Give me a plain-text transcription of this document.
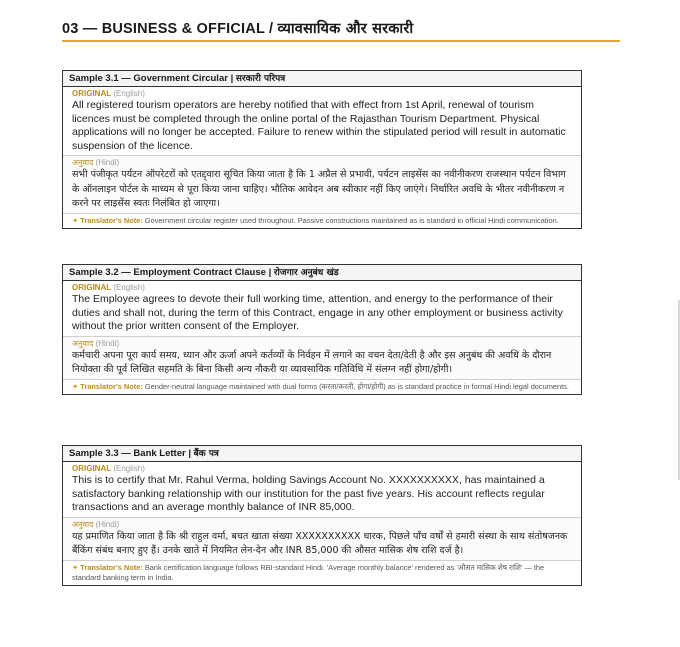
03 — BUSINESS & OFFICIAL / व्यावसायिक और सरकारी
Sample 3.1 — Government Circular | सरकारी परिपत्र
ORIGINAL (English)
All registered tourism operators are hereby notified that with effect from 1st April, renewal of tourism licences must be completed through the online portal of the Rajasthan Tourism Department. Physical applications will no longer be accepted. Failure to renew within the stipulated period will result in automatic suspension of the licence.
अनुवाद (Hindi)
सभी पंजीकृत पर्यटन ऑपरेटरों को एतद्द्वारा सूचित किया जाता है कि 1 अप्रैल से प्रभावी, पर्यटन लाइसेंस का नवीनीकरण राजस्थान पर्यटन विभाग के ऑनलाइन पोर्टल के माध्यम से पूरा किया जाना चाहिए। भौतिक आवेदन अब स्वीकार नहीं किए जाएंगे। निर्धारित अवधि के भीतर नवीनीकरण न करने पर लाइसेंस स्वतः निलंबित हो जाएगा।
✦ Translator's Note: Government circular register used throughout. Passive constructions maintained as is standard in official Hindi communication.
Sample 3.2 — Employment Contract Clause | रोजगार अनुबंध खंड
ORIGINAL (English)
The Employee agrees to devote their full working time, attention, and energy to the performance of their duties and shall not, during the term of this Contract, engage in any other employment or business activity without the prior written consent of the Employer.
अनुवाद (Hindi)
कर्मचारी अपना पूरा कार्य समय, ध्यान और ऊर्जा अपने कर्तव्यों के निर्वहन में लगाने का वचन देता/देती है और इस अनुबंध की अवधि के दौरान नियोक्ता की पूर्व लिखित सहमति के बिना किसी अन्य नौकरी या व्यावसायिक गतिविधि में संलग्न नहीं होगा/होगी।
✦ Translator's Note: Gender-neutral language maintained with dual forms (करता/करती, होगा/होगी) as is standard practice in formal Hindi legal documents.
Sample 3.3 — Bank Letter | बैंक पत्र
ORIGINAL (English)
This is to certify that Mr. Rahul Verma, holding Savings Account No. XXXXXXXXXX, has maintained a satisfactory banking relationship with our institution for the past five years. His account reflects regular transactions and an average monthly balance of INR 85,000.
अनुवाद (Hindi)
यह प्रमाणित किया जाता है कि श्री राहुल वर्मा, बचत खाता संख्या XXXXXXXXXX धारक, पिछले पाँच वर्षों से हमारी संस्था के साथ संतोषजनक बैंकिंग संबंध बनाए हुए हैं। उनके खाते में नियमित लेन-देन और INR 85,000 की औसत मासिक शेष राशि दर्ज है।
✦ Translator's Note: Bank certification language follows RBI-standard Hindi. 'Average monthly balance' rendered as 'औसत मासिक शेष राशि' — the standard banking term in India.
